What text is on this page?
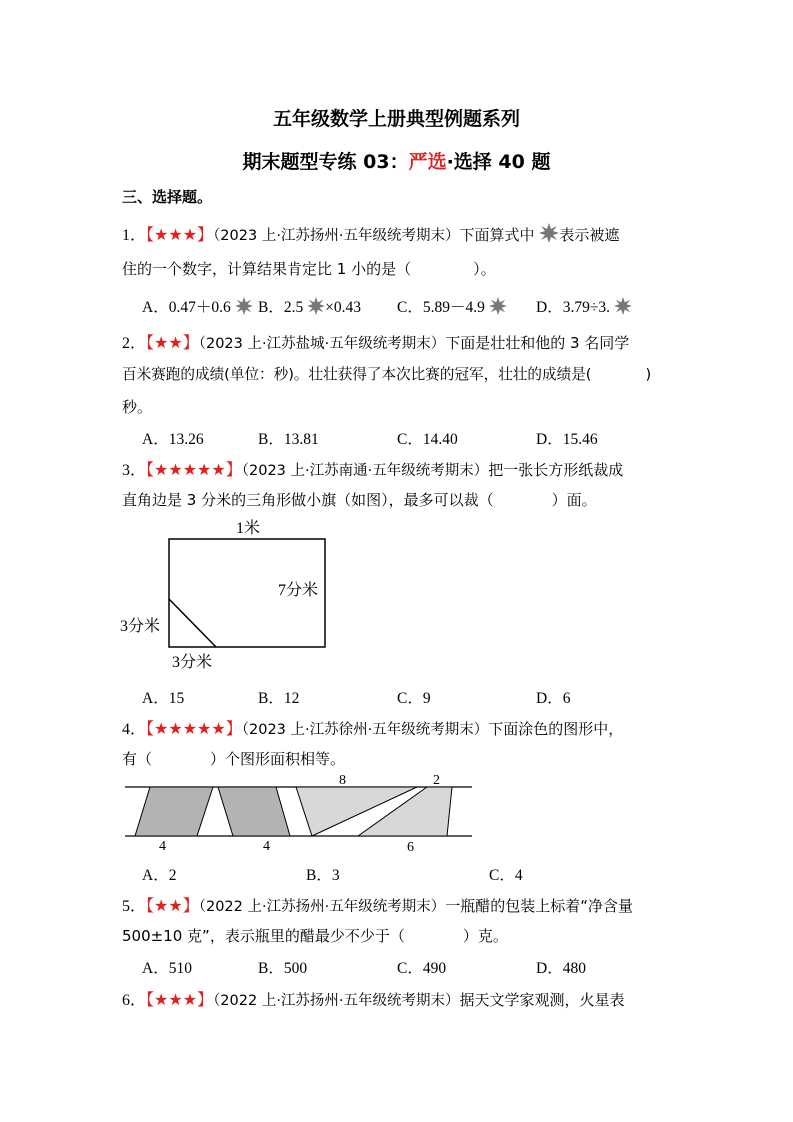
五年级数学上册典型例题系列
期末题型专练 03：严选·选择 40 题
三、选择题。
1．【★★★】（2023 上·江苏扬州·五年级统考期末）下面算式中 表示被遮
住的一个数字，计算结果肯定比 1 小的是（	）。
A．0.47＋0.6	B．2.5 ×0.43 C．5.89－4.9	D．3.79÷3.
2．【★★】（2023 上·江苏盐城·五年级统考期末）下面是壮壮和他的 3 名同学
百米赛跑的成绩(单位：秒)。壮壮获得了本次比赛的冠军，壮壮的成绩是(	)
秒。
A．13.26	B．13.81	C．14.40	D．15.46
3．【★★★★★】（2023 上·江苏南通·五年级统考期末）把一张长方形纸裁成
直角边是 3 分米的三角形做小旗（如图），最多可以裁（	）面。
1米
7分米
3分米
3分米
A．15	B．12	C．9	D．6
4．【★★★★★】（2023 上·江苏徐州·五年级统考期末）下面涂色的图形中，
有（	）个图形面积相等。
8	2
4	4	6
A．2	B．3	C．4
5．【★★】（2022 上·江苏扬州·五年级统考期末）一瓶醋的包装上标着“净含量
500±10 克”，表示瓶里的醋最少不少于（	）克。
A．510	B．500	C．490	D．480
6．【★★★】（2022 上·江苏扬州·五年级统考期末）据天文学家观测，火星表
